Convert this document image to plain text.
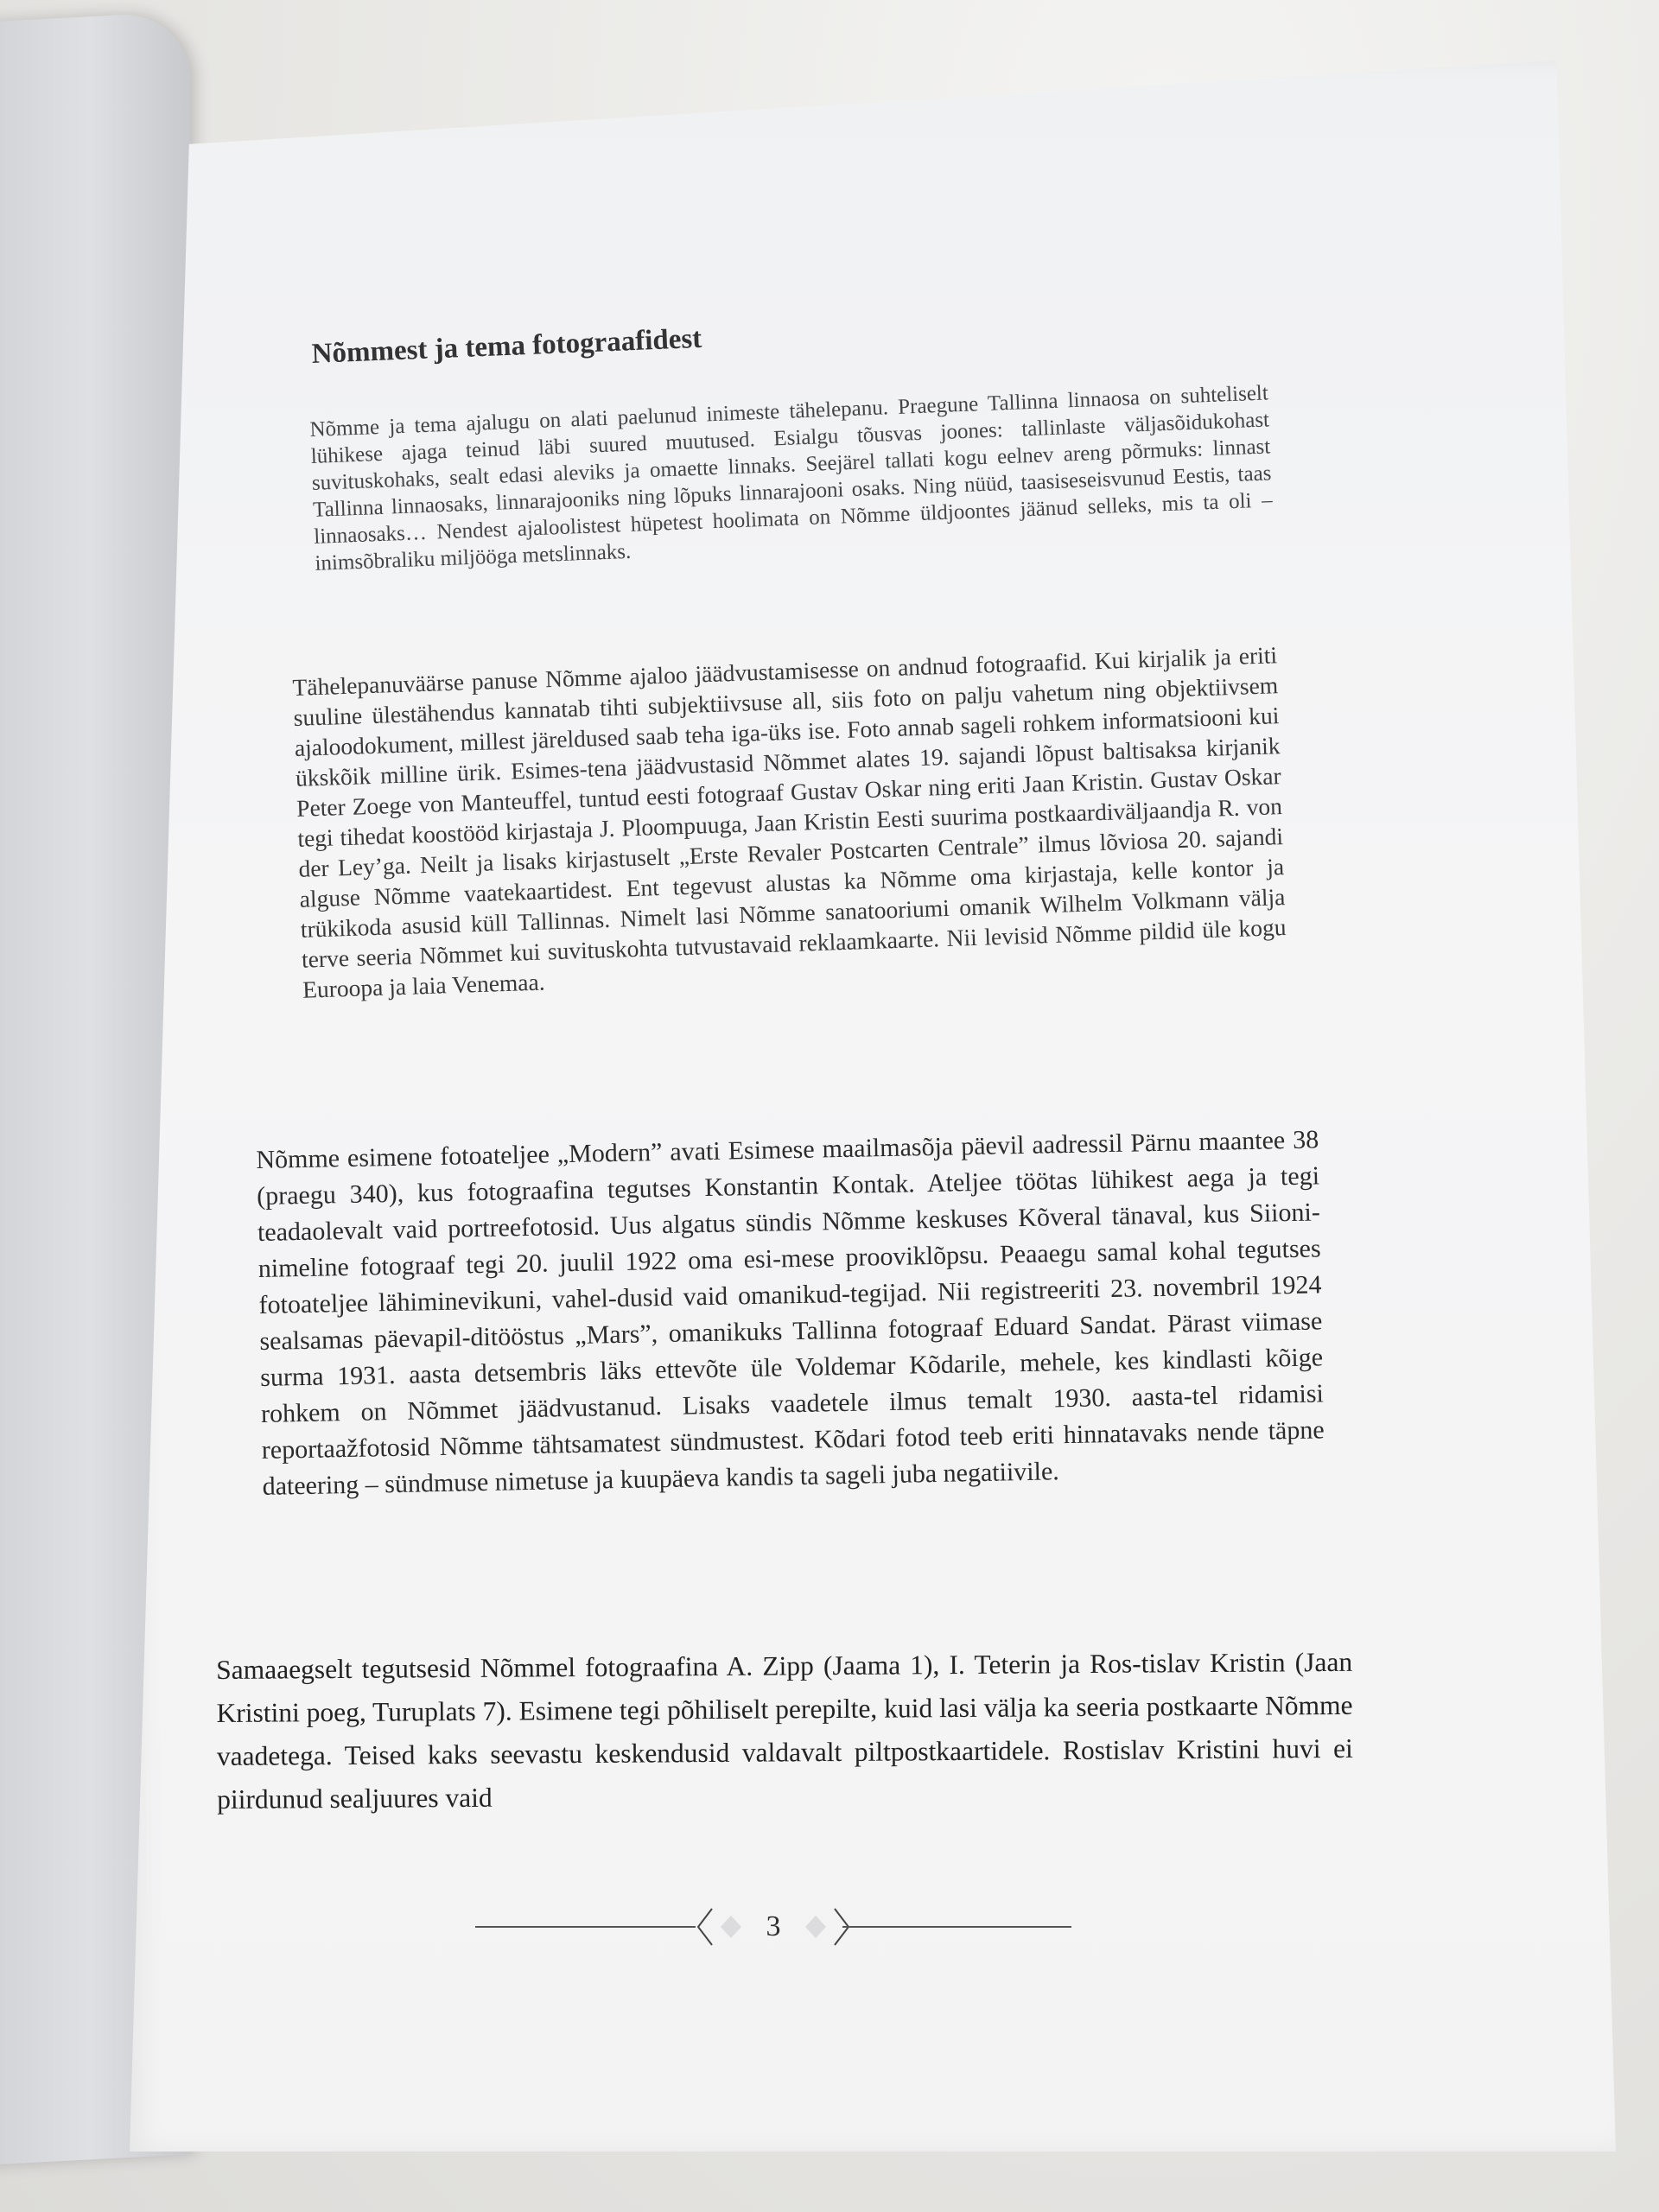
Nõmmest ja tema fotograafidest

Nõmme ja tema ajalugu on alati paelunud inimeste tähelepanu. Praegune Tallinna linnaosa on suhteliselt lühikese ajaga teinud läbi suured muutused. Esialgu tõusvas joones: tallinlaste väljasõidukohast suvituskohaks, sealt edasi aleviks ja omaette linnaks. Seejärel tallati kogu eelnev areng põrmuks: linnast Tallinna linnaosaks, linnarajooniks ning lõpuks linnarajooni osaks. Ning nüüd, taasiseseisvunud Eestis, taas linnaosaks… Nendest ajaloolistest hüpetest hoolimata on Nõmme üldjoontes jäänud selleks, mis ta oli – inimsõbraliku miljööga metslinnaks.

Tähelepanuväärse panuse Nõmme ajaloo jäädvustamisesse on andnud fotograafid. Kui kirjalik ja eriti suuline ülestähendus kannatab tihti subjektiivsuse all, siis foto on palju vahetum ning objektiivsem ajaloodokument, millest järeldused saab teha iga-üks ise. Foto annab sageli rohkem informatsiooni kui ükskõik milline ürik. Esimes-tena jäädvustasid Nõmmet alates 19. sajandi lõpust baltisaksa kirjanik Peter Zoege von Manteuffel, tuntud eesti fotograaf Gustav Oskar ning eriti Jaan Kristin. Gustav Oskar tegi tihedat koostööd kirjastaja J. Ploompuuga, Jaan Kristin Eesti suurima postkaardiväljaandja R. von der Ley’ga. Neilt ja lisaks kirjastuselt „Erste Revaler Postcarten Centrale” ilmus lõviosa 20. sajandi alguse Nõmme vaatekaartidest. Ent tegevust alustas ka Nõmme oma kirjastaja, kelle kontor ja trükikoda asusid küll Tallinnas. Nimelt lasi Nõmme sanatooriumi omanik Wilhelm Volkmann välja terve seeria Nõmmet kui suvituskohta tutvustavaid reklaamkaarte. Nii levisid Nõmme pildid üle kogu Euroopa ja laia Venemaa.

Nõmme esimene fotoateljee „Modern” avati Esimese maailmasõja päevil aadressil Pärnu maantee 38 (praegu 340), kus fotograafina tegutses Konstantin Kontak. Ateljee töötas lühikest aega ja tegi teadaolevalt vaid portreefotosid. Uus algatus sündis Nõmme keskuses Kõveral tänaval, kus Siioni-nimeline fotograaf tegi 20. juulil 1922 oma esi-mese prooviklõpsu. Peaaegu samal kohal tegutses fotoateljee lähiminevikuni, vahel-dusid vaid omanikud-tegijad. Nii registreeriti 23. novembril 1924 sealsamas päevapil-ditööstus „Mars”, omanikuks Tallinna fotograaf Eduard Sandat. Pärast viimase surma 1931. aasta detsembris läks ettevõte üle Voldemar Kõdarile, mehele, kes kindlasti kõige rohkem on Nõmmet jäädvustanud. Lisaks vaadetele ilmus temalt 1930. aasta-tel ridamisi reportaažfotosid Nõmme tähtsamatest sündmustest. Kõdari fotod teeb eriti hinnatavaks nende täpne dateering – sündmuse nimetuse ja kuupäeva kandis ta sageli juba negatiivile.

Samaaegselt tegutsesid Nõmmel fotograafina A. Zipp (Jaama 1), I. Teterin ja Ros-tislav Kristin (Jaan Kristini poeg, Turuplats 7). Esimene tegi põhiliselt perepilte, kuid lasi välja ka seeria postkaarte Nõmme vaadetega. Teised kaks seevastu keskendusid valdavalt piltpostkaartidele. Rostislav Kristini huvi ei piirdunud sealjuures vaid

3
